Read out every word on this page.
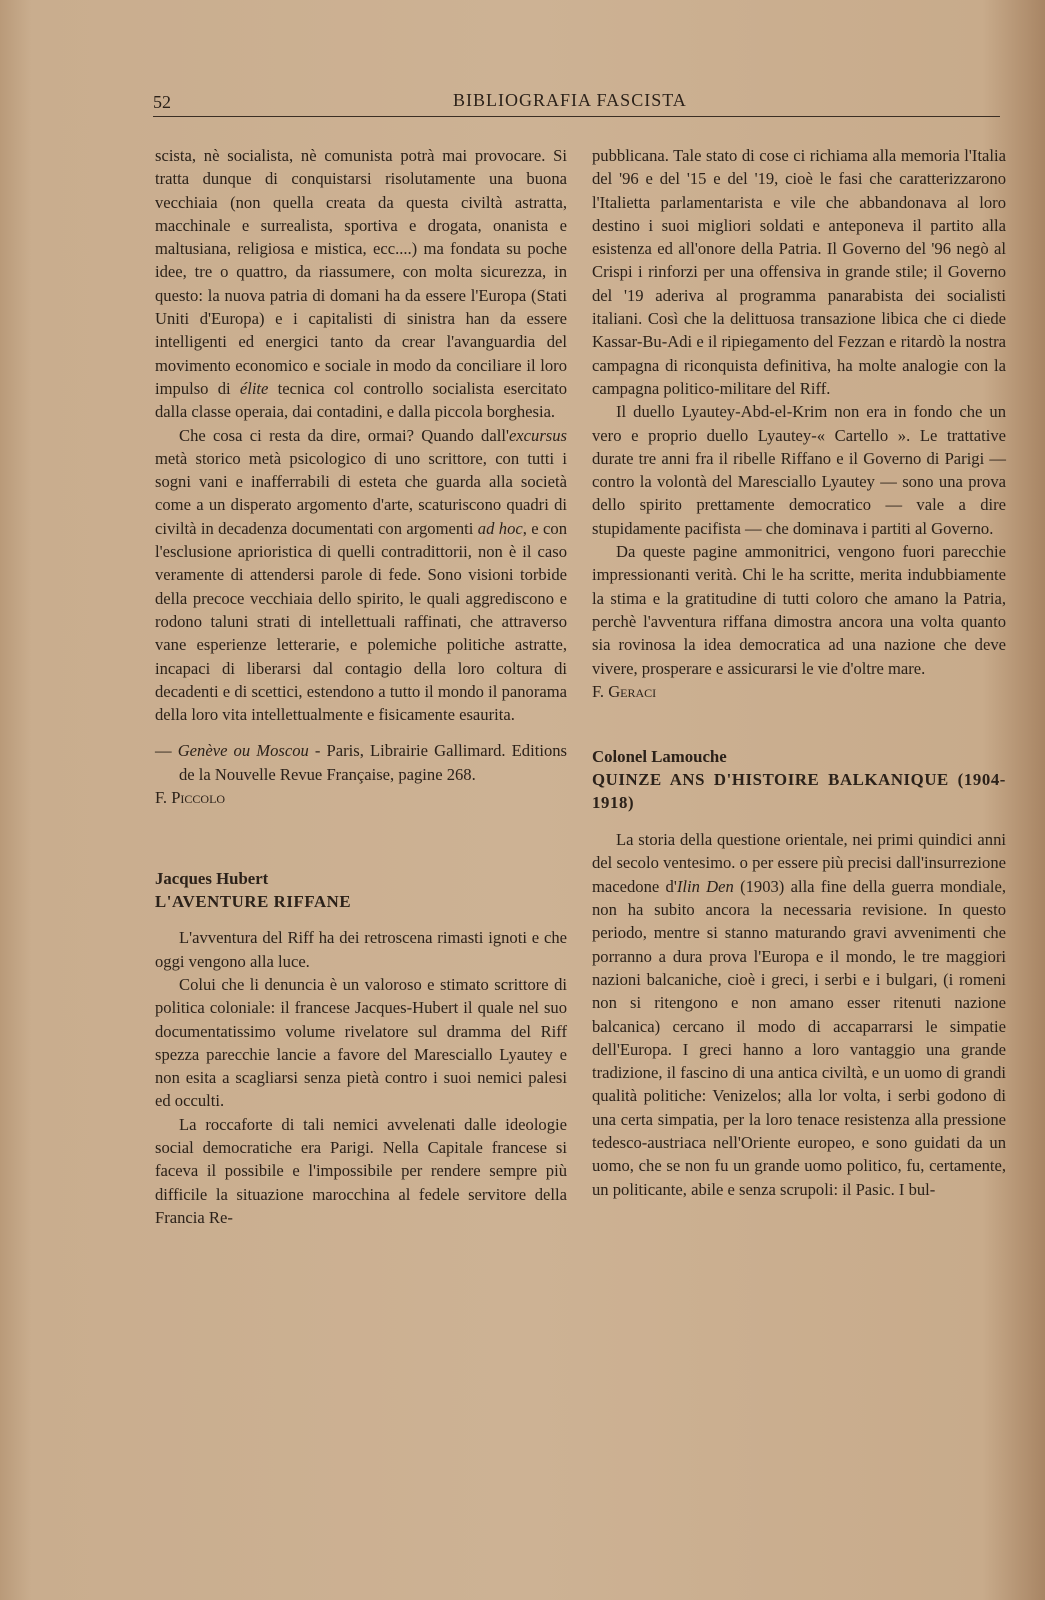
52	BIBLIOGRAFIA FASCISTA

scista, nè socialista, nè comunista potrà mai provocare. Si tratta dunque di conquistarsi risolutamente una buona vecchiaia (non quella creata da questa civiltà astratta, macchinale e surrealista, sportiva e drogata, onanista e maltusiana, religiosa e mistica, ecc....) ma fondata su poche idee, tre o quattro, da riassumere, con molta sicurezza, in questo: la nuova patria di domani ha da essere l'Europa (Stati Uniti d'Europa) e i capitalisti di sinistra han da essere intelligenti ed energici tanto da crear l'avanguardia del movimento economico e sociale in modo da conciliare il loro impulso di élite tecnica col controllo socialista esercitato dalla classe operaia, dai contadini, e dalla piccola borghesia.

Che cosa ci resta da dire, ormai? Quando dall'excursus metà storico metà psicologico di uno scrittore, con tutti i sogni vani e inafferrabili di esteta che guarda alla società come a un disperato argomento d'arte, scaturiscono quadri di civiltà in decadenza documentati con argomenti ad hoc, e con l'esclusione aprioristica di quelli contradittorii, non è il caso veramente di attendersi parole di fede. Sono visioni torbide della precoce vecchiaia dello spirito, le quali aggrediscono e rodono taluni strati di intellettuali raffinati, che attraverso vane esperienze letterarie, e polemiche politiche astratte, incapaci di liberarsi dal contagio della loro coltura di decadenti e di scettici, estendono a tutto il mondo il panorama della loro vita intellettualmente e fisicamente esaurita.

— Genève ou Moscou - Paris, Librairie Gallimard. Editions de la Nouvelle Revue Française, pagine 268.

F. Piccolo

Jacques Hubert

L'AVENTURE RIFFANE

L'avventura del Riff ha dei retroscena rimasti ignoti e che oggi vengono alla luce.

Colui che li denuncia è un valoroso e stimato scrittore di politica coloniale: il francese Jacques-Hubert il quale nel suo documentatissimo volume rivelatore sul dramma del Riff spezza parecchie lancie a favore del Maresciallo Lyautey e non esita a scagliarsi senza pietà contro i suoi nemici palesi ed occulti.

La roccaforte di tali nemici avvelenati dalle ideologie social democratiche era Parigi. Nella Capitale francese si faceva il possibile e l'impossibile per rendere sempre più difficile la situazione marocchina al fedele servitore della Francia Re-

pubblicana. Tale stato di cose ci richiama alla memoria l'Italia del '96 e del '15 e del '19, cioè le fasi che caratterizzarono l'Italietta parlamentarista e vile che abbandonava al loro destino i suoi migliori soldati e anteponeva il partito alla esistenza ed all'onore della Patria. Il Governo del '96 negò al Crispi i rinforzi per una offensiva in grande stile; il Governo del '19 aderiva al programma panarabista dei socialisti italiani. Così che la delittuosa transazione libica che ci diede Kassar-Bu-Adi e il ripiegamento del Fezzan e ritardò la nostra campagna di riconquista definitiva, ha molte analogie con la campagna politico-militare del Riff.

Il duello Lyautey-Abd-el-Krim non era in fondo che un vero e proprio duello Lyautey-« Cartello ». Le trattative durate tre anni fra il ribelle Riffano e il Governo di Parigi — contro la volontà del Maresciallo Lyautey — sono una prova dello spirito prettamente democratico — vale a dire stupidamente pacifista — che dominava i partiti al Governo.

Da queste pagine ammonitrici, vengono fuori parecchie impressionanti verità. Chi le ha scritte, merita indubbiamente la stima e la gratitudine di tutti coloro che amano la Patria, perchè l'avventura riffana dimostra ancora una volta quanto sia rovinosa la idea democratica ad una nazione che deve vivere, prosperare e assicurarsi le vie d'oltre mare.

F. Geraci

Colonel Lamouche

QUINZE ANS D'HISTOIRE BALKANIQUE (1904-1918)

La storia della questione orientale, nei primi quindici anni del secolo ventesimo. o per essere più precisi dall'insurrezione macedone d'Ilin Den (1903) alla fine della guerra mondiale, non ha subito ancora la necessaria revisione. In questo periodo, mentre si stanno maturando gravi avvenimenti che porranno a dura prova l'Europa e il mondo, le tre maggiori nazioni balcaniche, cioè i greci, i serbi e i bulgari, (i romeni non si ritengono e non amano esser ritenuti nazione balcanica) cercano il modo di accaparrarsi le simpatie dell'Europa. I greci hanno a loro vantaggio una grande tradizione, il fascino di una antica civiltà, e un uomo di grandi qualità politiche: Venizelos; alla lor volta, i serbi godono di una certa simpatia, per la loro tenace resistenza alla pressione tedesco-austriaca nell'Oriente europeo, e sono guidati da un uomo, che se non fu un grande uomo politico, fu, certamente, un politicante, abile e senza scrupoli: il Pasic. I bul-
